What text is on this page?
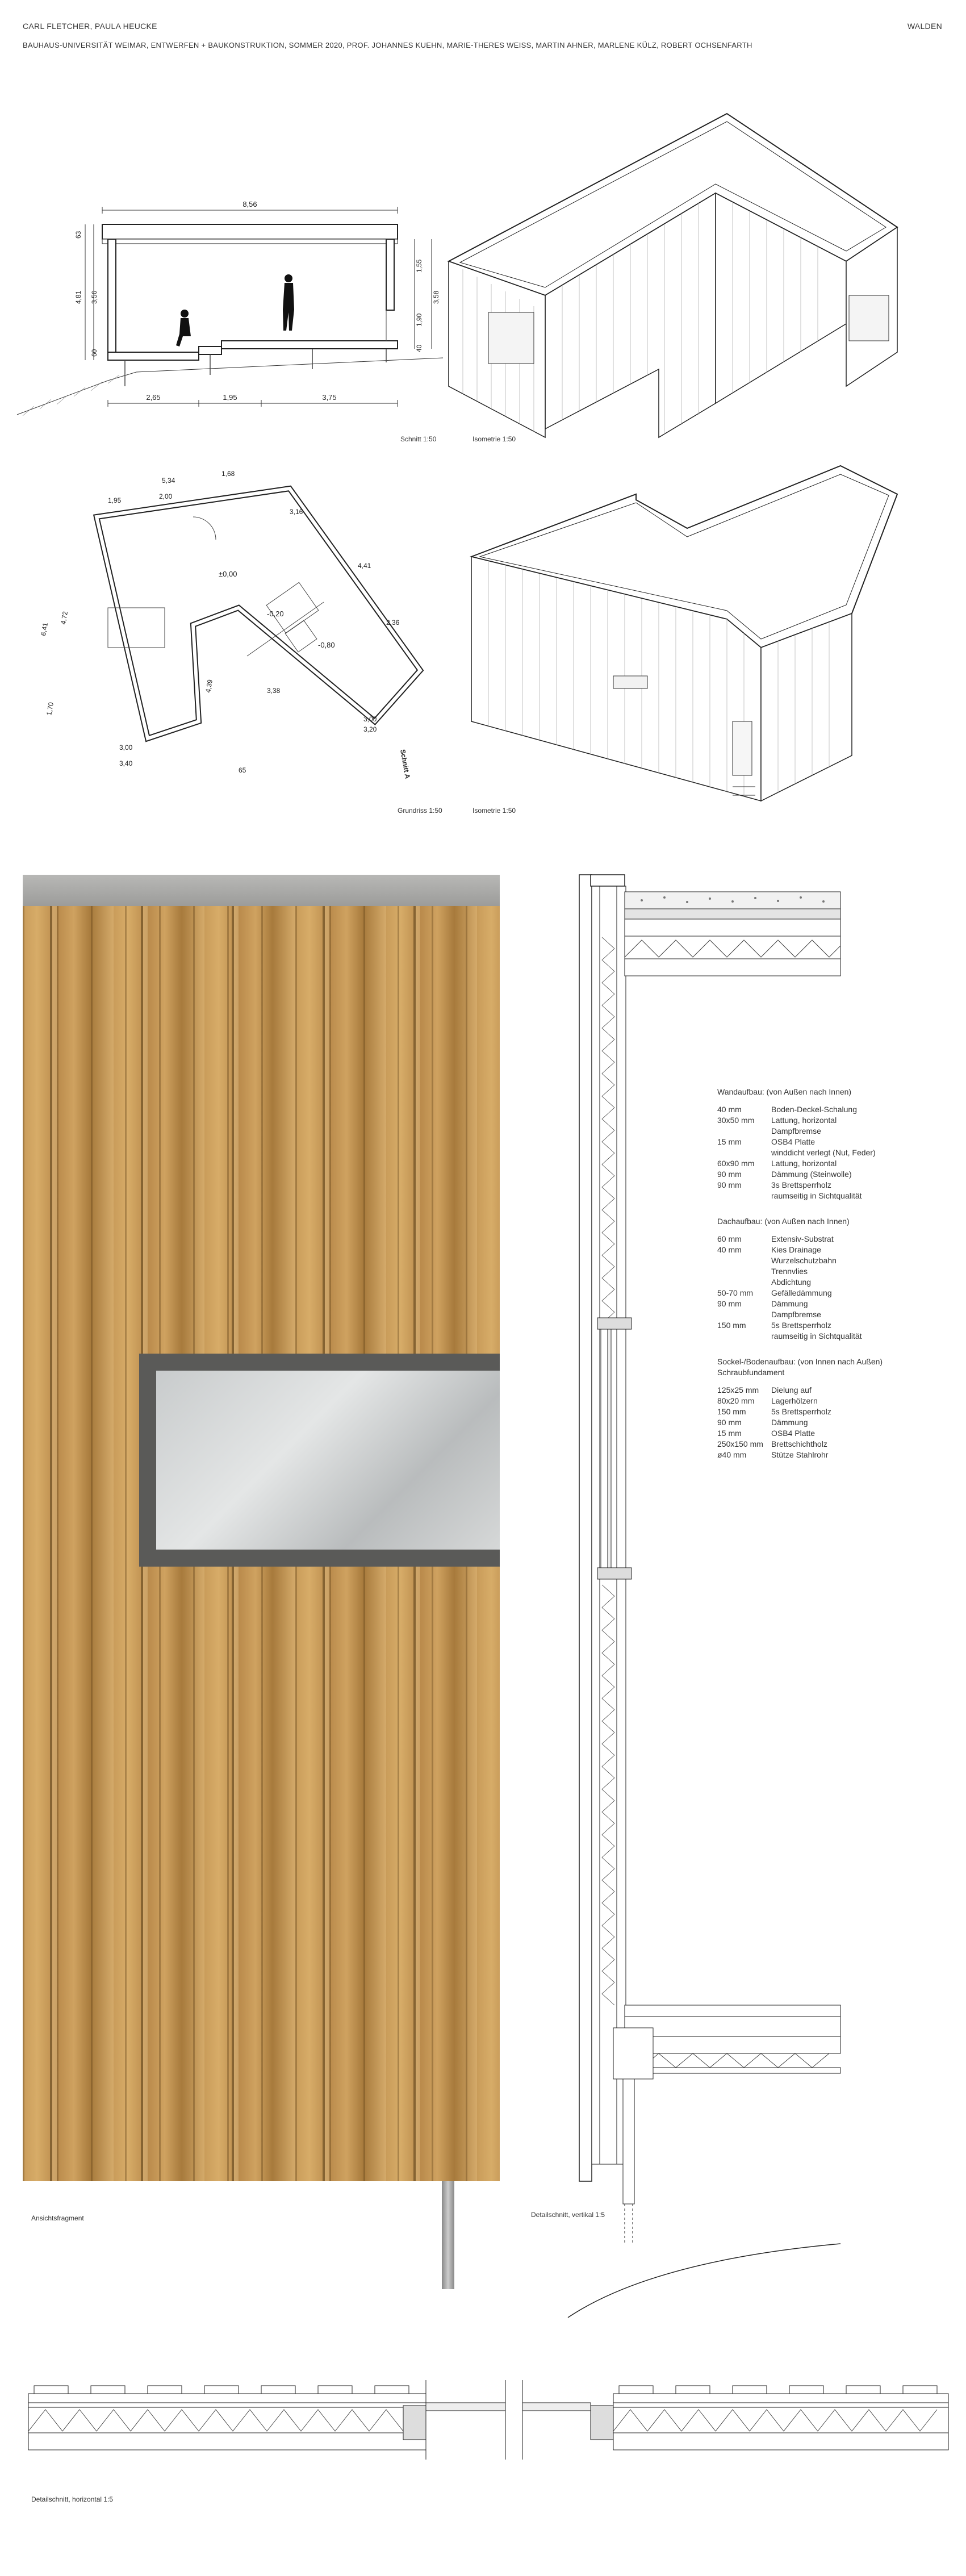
CARL FLETCHER, PAULA HEUCKE	WALDEN
BAUHAUS-UNIVERSITÄT WEIMAR, ENTWERFEN + BAUKONSTRUKTION, SOMMER 2020, PROF. JOHANNES KUEHN, MARIE-THERES WEISS, MARTIN AHNER, MARLENE KÜLZ, ROBERT OCHSENFARTH
8,56
63
3,56
4,81
60
1,55
1,90
3,58
40
2,65	1,95	3,75
±0,00
-0,20
-0,80
5,34
1,68
1,95	2,00
3,16
6,41
4,72
1,70
3,00
3,40
4,41
2,36
3,38
4,39
3,00
3,20
65	Schnitt A
Schnitt 1:50	Isometrie 1:50
Grundriss 1:50	Isometrie 1:50
Ansichtsfragment	Detailschnitt, vertikal 1:5
Wandaufbau: (von Außen nach Innen)
40 mm	Boden-Deckel-Schalung
30x50 mm	Lattung, horizontal
Dampfbremse
15 mm	OSB4 Platte
winddicht verlegt (Nut, Feder)
60x90 mm	Lattung, horizontal
90 mm	Dämmung (Steinwolle)
90 mm	3s Brettsperrholz
raumseitig in Sichtqualität
Dachaufbau: (von Außen nach Innen)
60 mm	Extensiv-Substrat
40 mm	Kies Drainage
Wurzelschutzbahn
Trennvlies
Abdichtung
50-70 mm	Gefälledämmung
90 mm	Dämmung
Dampfbremse
150 mm	5s Brettsperrholz
raumseitig in Sichtqualität
Sockel-/Bodenaufbau: (von Innen nach Außen)
Schraubfundament
125x25 mm	Dielung auf
80x20 mm	Lagerhölzern
150 mm	5s Brettsperrholz
90 mm	Dämmung
15 mm	OSB4 Platte
250x150 mm	Brettschichtholz
ø40 mm	Stütze Stahlrohr
Detailschnitt, horizontal 1:5
